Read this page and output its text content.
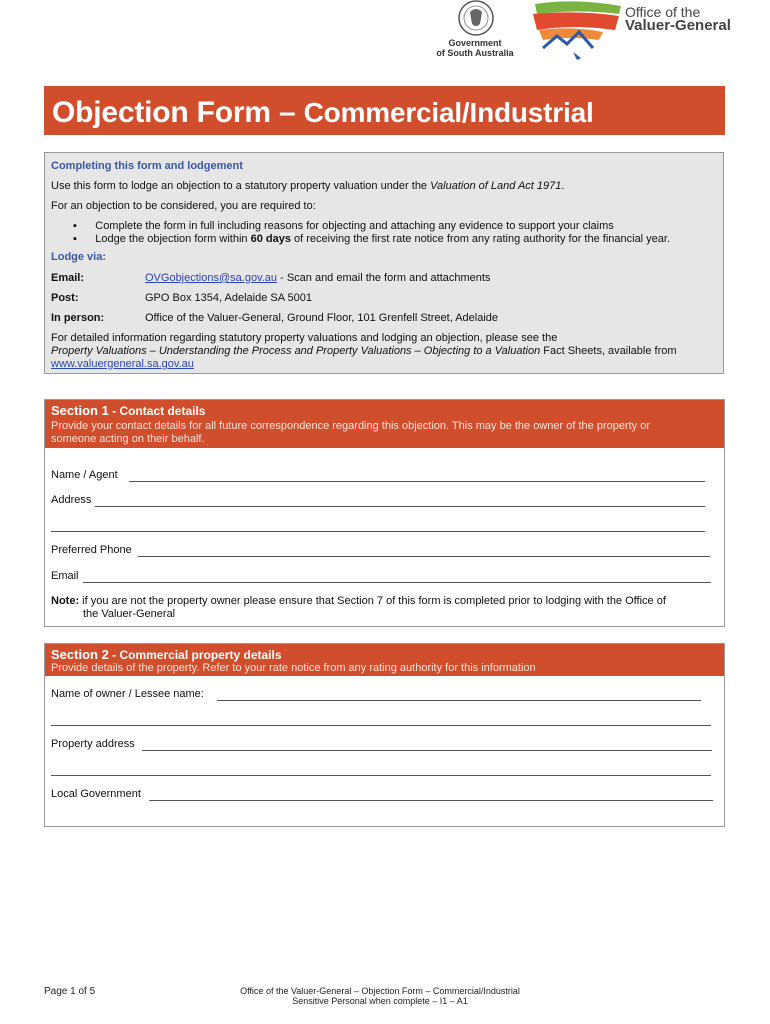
Government
of South Australia
Office of the
Valuer-General
Objection Form – Commercial/Industrial
Completing this form and lodgement
Use this form to lodge an objection to a statutory property valuation under the Valuation of Land Act 1971.
For an objection to be considered, you are required to:
▪      Complete the form in full including reasons for objecting and attaching any evidence to support your claims
▪      Lodge the objection form within 60 days of receiving the first rate notice from any rating authority for the financial year.
Lodge via:
Email:	OVGobjections@sa.gov.au - Scan and email the form and attachments
Post:	GPO Box 1354, Adelaide SA 5001
In person:	Office of the Valuer-General, Ground Floor, 101 Grenfell Street, Adelaide
For detailed information regarding statutory property valuations and lodging an objection, please see the
Property Valuations – Understanding the Process and Property Valuations – Objecting to a Valuation Fact Sheets, available from
www.valuergeneral.sa.gov.au
Section 1 - Contact details
Provide your contact details for all future correspondence regarding this objection. This may be the owner of the property or
someone acting on their behalf.
Name / Agent
Address
Preferred Phone
Email
Note: if you are not the property owner please ensure that Section 7 of this form is completed prior to lodging with the Office of
the Valuer-General
Section 2 - Commercial property details
Provide details of the property. Refer to your rate notice from any rating authority for this information
Name of owner / Lessee name:
Property address
Local Government
Page 1 of 5	Office of the Valuer-General – Objection Form – Commercial/Industrial
Sensitive Personal when complete – I1 – A1
